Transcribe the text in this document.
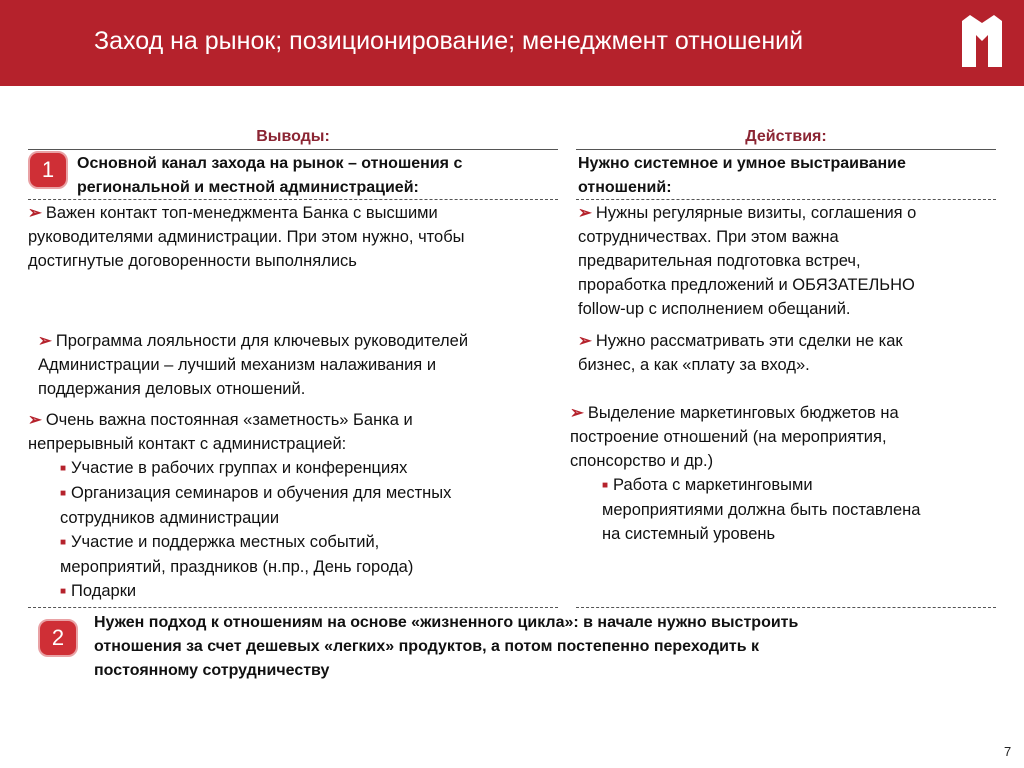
Заход на рынок; позиционирование; менеджмент отношений
Выводы:	Действия:
1	Основной канал захода на рынок – отношения с
региональной и местной администрацией:
Нужно системное и умное выстраивание
отношений:
➢ Важен контакт топ-менеджмента Банка с высшими
руководителями администрации. При этом нужно, чтобы
достигнутые договоренности выполнялись
➢ Программа лояльности для ключевых руководителей
Администрации – лучший механизм налаживания и
поддержания деловых отношений.
➢ Очень важна постоянная «заметность» Банка и
непрерывный контакт с администрацией:
■ Участие в рабочих группах и конференциях
■ Организация семинаров и обучения для местных
сотрудников администрации
■ Участие и поддержка местных событий,
мероприятий, праздников (н.пр., День города)
■ Подарки
➢ Нужны регулярные визиты, соглашения о
сотрудничествах. При этом важна
предварительная подготовка встреч,
проработка предложений и ОБЯЗАТЕЛЬНО
follow-up с исполнением обещаний.
➢ Нужно рассматривать эти сделки не как
бизнес, а как «плату за вход».
➢ Выделение маркетинговых бюджетов на
построение отношений (на мероприятия,
спонсорство и др.)
■ Работа с маркетинговыми
мероприятиями должна быть поставлена
на системный уровень
2
Нужен подход к отношениям на основе «жизненного цикла»: в начале нужно выстроить
отношения за счет дешевых «легких» продуктов, а потом постепенно переходить к
постоянному сотрудничеству
7
